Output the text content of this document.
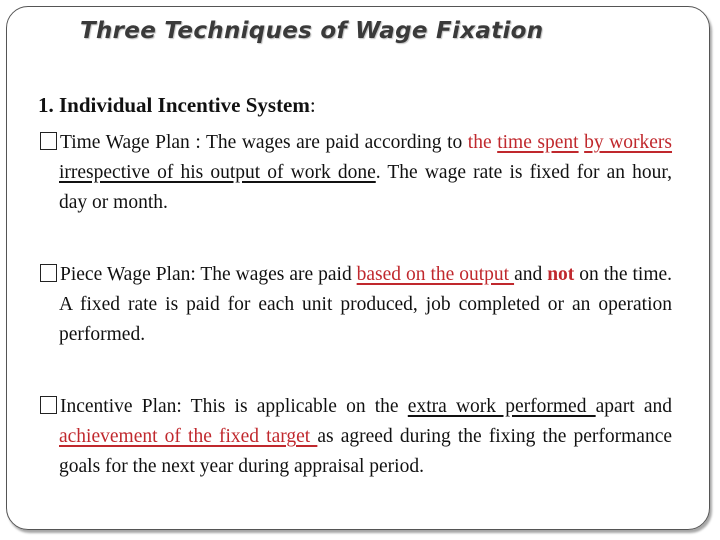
Three Techniques of Wage Fixation
1. Individual Incentive System:
Time Wage Plan : The wages are paid according to the time spent by workers irrespective of his output of work done. The wage rate is fixed for an hour, day or month.
Piece Wage Plan: The wages are paid based on the output and not on the time. A fixed rate is paid for each unit produced, job completed or an operation performed.
Incentive Plan: This is applicable on the extra work performed apart and achievement of the fixed target as agreed during the fixing the performance goals for the next year during appraisal period.
